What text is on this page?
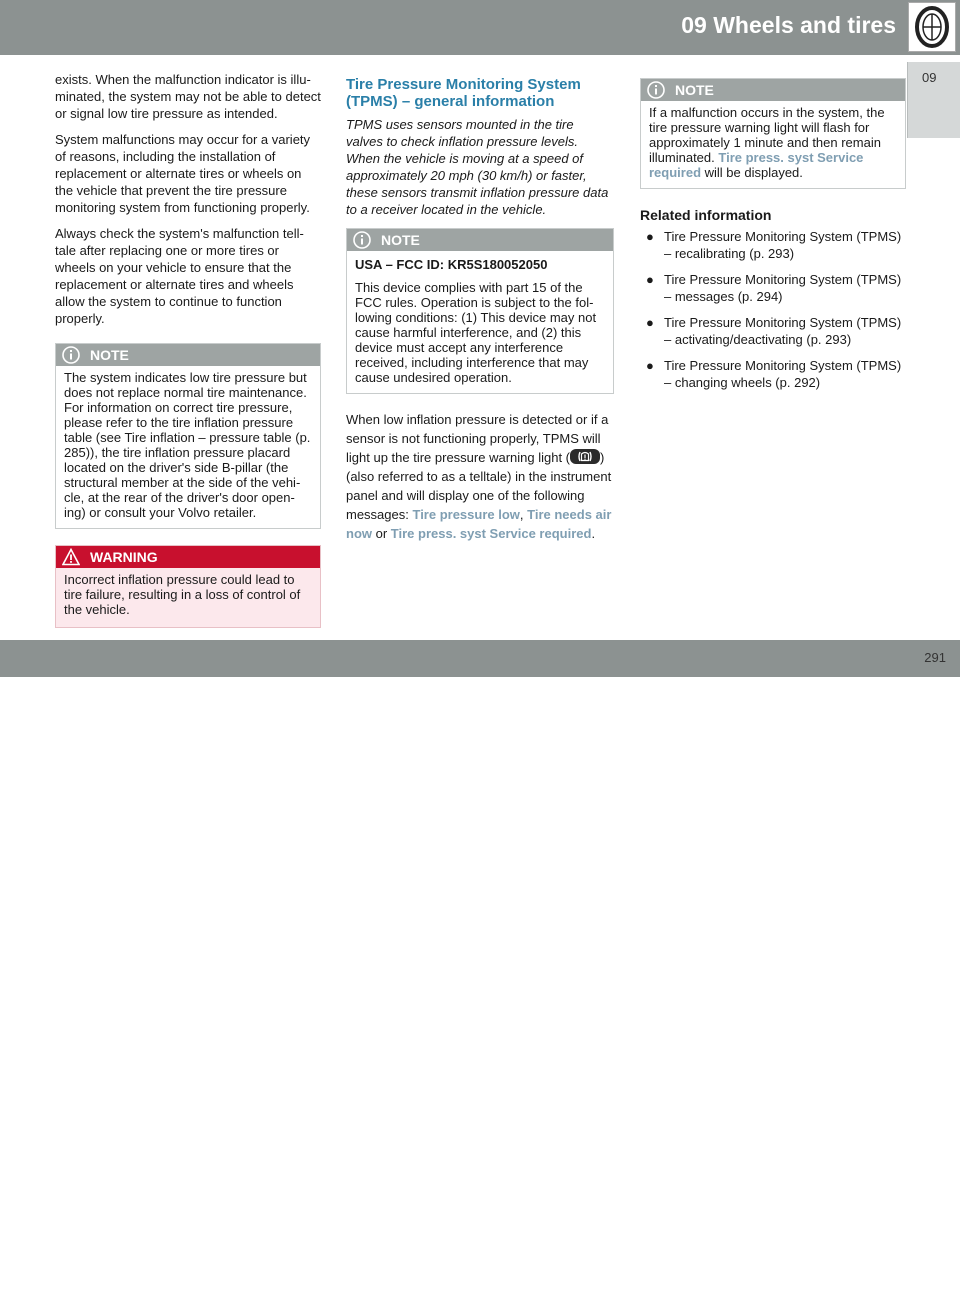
09 Wheels and tires
09

exists. When the malfunction indicator is illu-minated, the system may not be able to detect or signal low tire pressure as intended.

System malfunctions may occur for a variety of reasons, including the installation of replacement or alternate tires or wheels on the vehicle that prevent the tire pressure monitoring system from functioning properly.

Always check the system's malfunction tell-tale after replacing one or more tires or wheels on your vehicle to ensure that the replacement or alternate tires and wheels allow the system to continue to function properly.

NOTE
The system indicates low tire pressure but does not replace normal tire maintenance. For information on correct tire pressure, please refer to the tire inflation pressure table (see Tire inflation – pressure table (p. 285)), the tire inflation pressure placard located on the driver's side B-pillar (the structural member at the side of the vehi-cle, at the rear of the driver's door open-ing) or consult your Volvo retailer.
WARNING
Incorrect inflation pressure could lead to tire failure, resulting in a loss of control of the vehicle.
Tire Pressure Monitoring System (TPMS) – general information

TPMS uses sensors mounted in the tire valves to check inflation pressure levels. When the vehicle is moving at a speed of approximately 20 mph (30 km/h) or faster, these sensors transmit inflation pressure data to a receiver located in the vehicle.

NOTE
USA – FCC ID: KR5S180052050
This device complies with part 15 of the FCC rules. Operation is subject to the fol-lowing conditions: (1) This device may not cause harmful interference, and (2) this device must accept any interference received, including interference that may cause undesired operation.

When low inflation pressure is detected or if a sensor is not functioning properly, TPMS will light up the tire pressure warning light ( ) (also referred to as a telltale) in the instrument panel and will display one of the following messages: Tire pressure low, Tire needs air now or Tire press. syst Service required.

NOTE
If a malfunction occurs in the system, the tire pressure warning light will flash for approximately 1 minute and then remain illuminated. Tire press. syst Service required will be displayed.
Related information
● Tire Pressure Monitoring System (TPMS) – recalibrating (p. 293)
● Tire Pressure Monitoring System (TPMS) – messages (p. 294)
● Tire Pressure Monitoring System (TPMS) – activating/deactivating (p. 293)
● Tire Pressure Monitoring System (TPMS) – changing wheels (p. 292)
carmanualsonline.info
291
